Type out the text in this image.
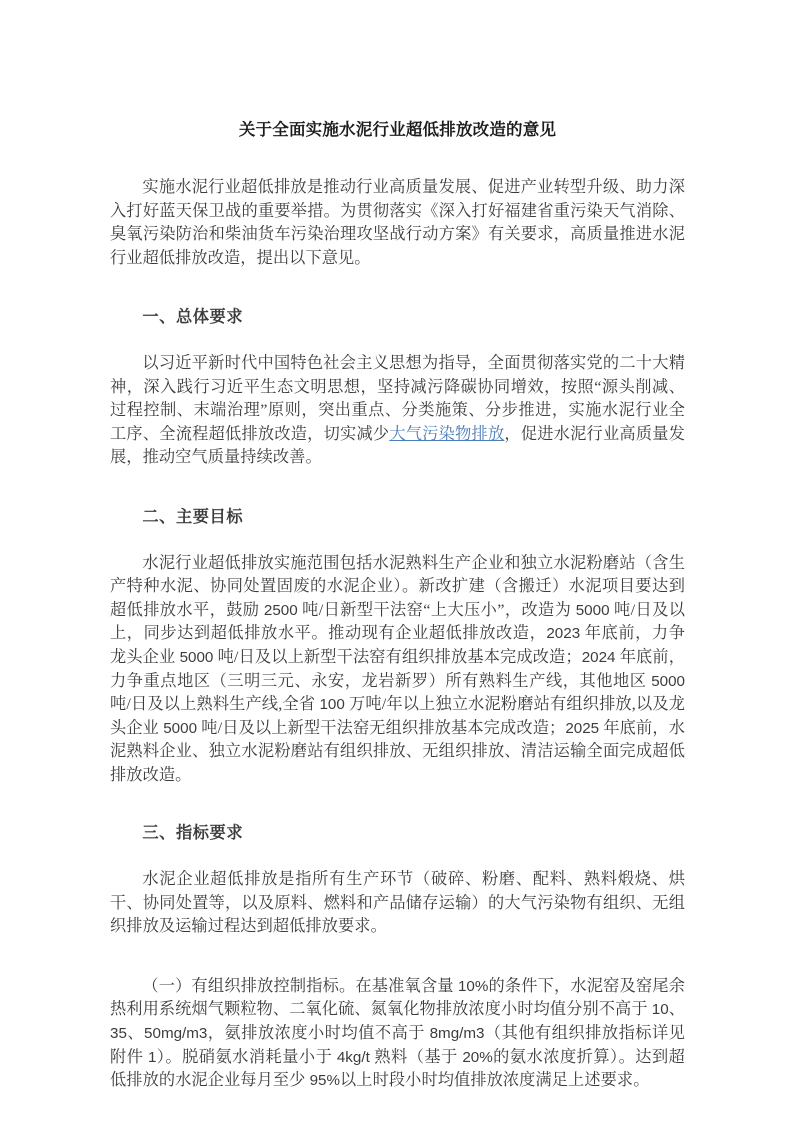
关于全面实施水泥行业超低排放改造的意见

实施水泥行业超低排放是推动行业高质量发展、促进产业转型升级、助力深入打好蓝天保卫战的重要举措。为贯彻落实《深入打好福建省重污染天气消除、臭氧污染防治和柴油货车污染治理攻坚战行动方案》有关要求，高质量推进水泥行业超低排放改造，提出以下意见。

一、总体要求

以习近平新时代中国特色社会主义思想为指导，全面贯彻落实党的二十大精神，深入践行习近平生态文明思想，坚持减污降碳协同增效，按照“源头削减、过程控制、末端治理”原则，突出重点、分类施策、分步推进，实施水泥行业全工序、全流程超低排放改造，切实减少大气污染物排放，促进水泥行业高质量发展，推动空气质量持续改善。

二、主要目标

水泥行业超低排放实施范围包括水泥熟料生产企业和独立水泥粉磨站（含生产特种水泥、协同处置固废的水泥企业）。新改扩建（含搬迁）水泥项目要达到超低排放水平，鼓励 2500 吨/日新型干法窑“上大压小”，改造为 5000 吨/日及以上，同步达到超低排放水平。推动现有企业超低排放改造，2023 年底前，力争龙头企业 5000 吨/日及以上新型干法窑有组织排放基本完成改造；2024 年底前，力争重点地区（三明三元、永安，龙岩新罗）所有熟料生产线，其他地区 5000 吨/日及以上熟料生产线,全省 100 万吨/年以上独立水泥粉磨站有组织排放,以及龙头企业 5000 吨/日及以上新型干法窑无组织排放基本完成改造；2025 年底前，水泥熟料企业、独立水泥粉磨站有组织排放、无组织排放、清洁运输全面完成超低排放改造。

三、指标要求

水泥企业超低排放是指所有生产环节（破碎、粉磨、配料、熟料煅烧、烘干、协同处置等，以及原料、燃料和产品储存运输）的大气污染物有组织、无组织排放及运输过程达到超低排放要求。

（一）有组织排放控制指标。在基准氧含量 10%的条件下，水泥窑及窑尾余热利用系统烟气颗粒物、二氧化硫、氮氧化物排放浓度小时均值分别不高于 10、35、50mg/m3，氨排放浓度小时均值不高于 8mg/m3（其他有组织排放指标详见附件 1）。脱硝氨水消耗量小于 4kg/t 熟料（基于 20%的氨水浓度折算）。达到超低排放的水泥企业每月至少 95%以上时段小时均值排放浓度满足上述要求。
